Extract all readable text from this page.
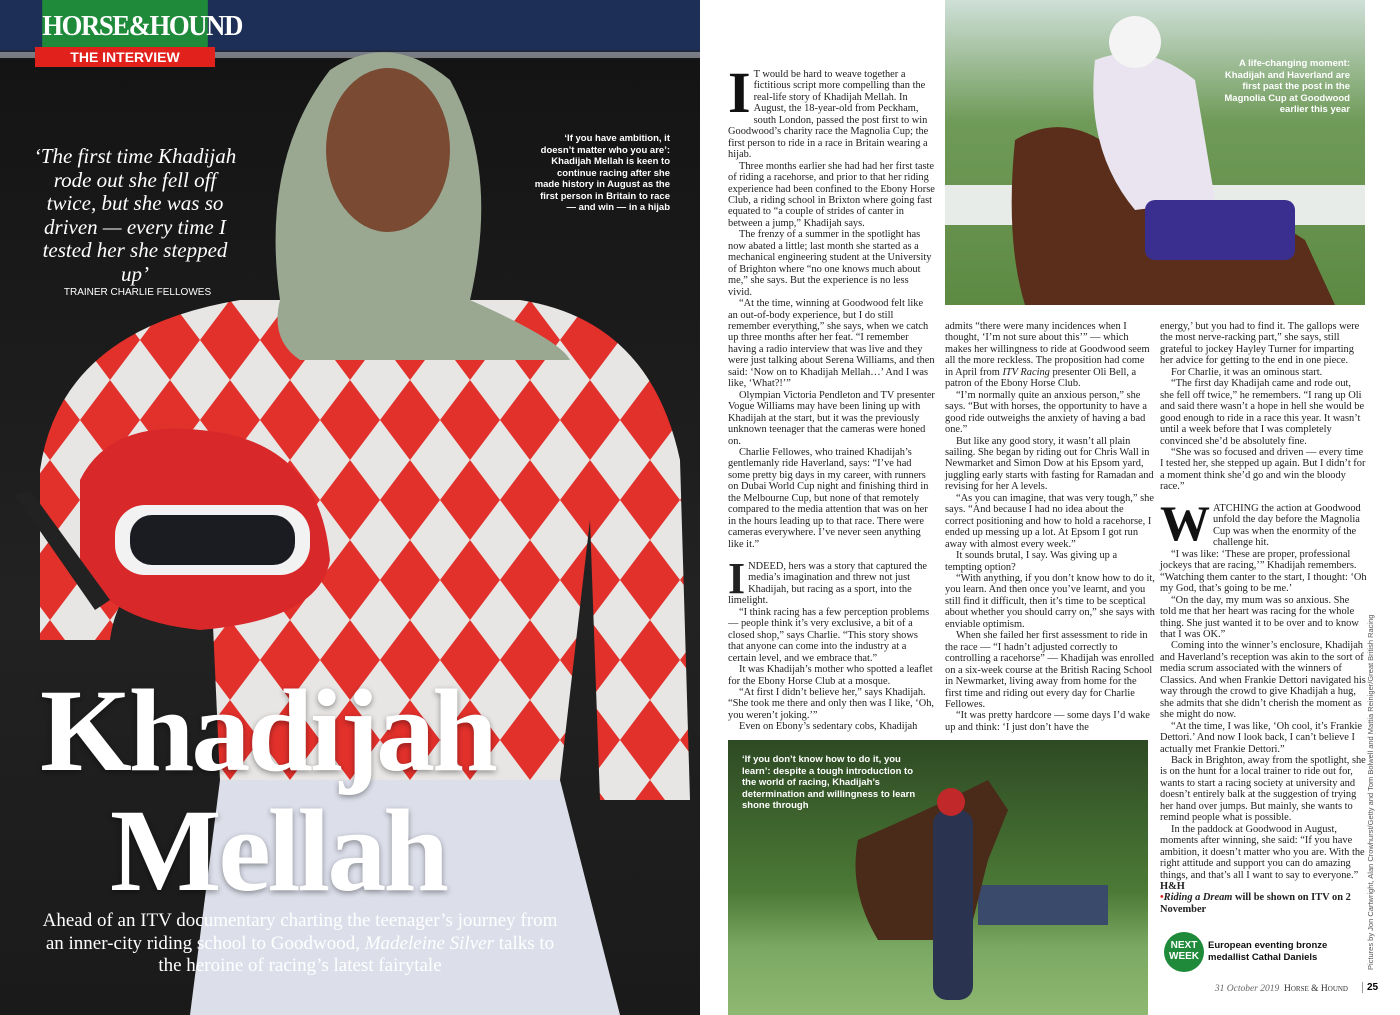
HORSE&HOUND
THE INTERVIEW
‘The first time Khadijah rode out she fell off twice, but she was so driven — every time I tested her she stepped up’
TRAINER CHARLIE FELLOWES
‘If you have ambition, it doesn’t matter who you are’: Khadijah Mellah is keen to continue racing after she made history in August as the first person in Britain to race — and win — in a hijab
Khadijah
Mellah
Ahead of an ITV documentary charting the teenager’s journey from an inner-city riding school to Goodwood, Madeleine Silver talks to the heroine of racing’s latest fairytale
A life-changing moment: Khadijah and Haverland are first past the post in the Magnolia Cup at Goodwood earlier this year
‘If you don’t know how to do it, you learn’: despite a tough introduction to the world of racing, Khadijah’s determination and willingness to learn shone through

I T would be hard to weave together a fictitious script more compelling than the real-life story of Khadijah Mellah. In August, the 18-year-old from Peckham, south London, passed the post first to win Goodwood’s charity race the Magnolia Cup; the first person to ride in a race in Britain wearing a hijab.

Three months earlier she had had her first taste of riding a racehorse, and prior to that her riding experience had been confined to the Ebony Horse Club, a riding school in Brixton where going fast equated to “a couple of strides of canter in between a jump,” Khadijah says.

The frenzy of a summer in the spotlight has now abated a little; last month she started as a mechanical engineering student at the University of Brighton where “no one knows much about me,” she says. But the experience is no less vivid.

“At the time, winning at Goodwood felt like an out-of-body experience, but I do still remember everything,” she says, when we catch up three months after her feat. “I remember having a radio interview that was live and they were just talking about Serena Williams, and then said: ‘Now on to Khadijah Mellah…’ And I was like, ‘What?!’”

Olympian Victoria Pendleton and TV presenter Vogue Williams may have been lining up with Khadijah at the start, but it was the previously unknown teenager that the cameras were honed on.

Charlie Fellowes, who trained Khadijah’s gentlemanly ride Haverland, says: “I’ve had some pretty big days in my career, with runners on Dubai World Cup night and finishing third in the Melbourne Cup, but none of that remotely compared to the media attention that was on her in the hours leading up to that race. There were cameras everywhere. I’ve never seen anything like it.”

INDEED, hers was a story that captured the media’s imagination and threw not just Khadijah, but racing as a sport, into the limelight.

“I think racing has a few perception problems — people think it’s very exclusive, a bit of a closed shop,” says Charlie. “This story shows that anyone can come into the industry at a certain level, and we embrace that.”

It was Khadijah’s mother who spotted a leaflet for the Ebony Horse Club at a mosque.

“At first I didn’t believe her,” says Khadijah. “She took me there and only then was I like, ‘Oh, you weren’t joking.’”

Even on Ebony’s sedentary cobs, Khadijah

admits “there were many incidences when I thought, ‘I’m not sure about this’” — which makes her willingness to ride at Goodwood seem all the more reckless. The proposition had come in April from ITV Racing presenter Oli Bell, a patron of the Ebony Horse Club.

“I’m normally quite an anxious person,” she says. “But with horses, the opportunity to have a good ride outweighs the anxiety of having a bad one.”

But like any good story, it wasn’t all plain sailing. She began by riding out for Chris Wall in Newmarket and Simon Dow at his Epsom yard, juggling early starts with fasting for Ramadan and revising for her A levels.

“As you can imagine, that was very tough,” she says. “And because I had no idea about the correct positioning and how to hold a racehorse, I ended up messing up a lot. At Epsom I got run away with almost every week.”

It sounds brutal, I say. Was giving up a tempting option?

“With anything, if you don’t know how to do it, you learn. And then once you’ve learnt, and you still find it difficult, then it’s time to be sceptical about whether you should carry on,” she says with enviable optimism.

When she failed her first assessment to ride in the race — “I hadn’t adjusted correctly to controlling a racehorse” — Khadijah was enrolled on a six-week course at the British Racing School in Newmarket, living away from home for the first time and riding out every day for Charlie Fellowes.

“It was pretty hardcore — some days I’d wake up and think: ‘I just don’t have the

energy,’ but you had to find it. The gallops were the most nerve-racking part,” she says, still grateful to jockey Hayley Turner for imparting her advice for getting to the end in one piece.

For Charlie, it was an ominous start.

“The first day Khadijah came and rode out, she fell off twice,” he remembers. “I rang up Oli and said there wasn’t a hope in hell she would be good enough to ride in a race this year. It wasn’t until a week before that I was completely convinced she’d be absolutely fine.

“She was so focused and driven — every time I tested her, she stepped up again. But I didn’t for a moment think she’d go and win the bloody race.”

WATCHING the action at Goodwood unfold the day before the Magnolia Cup was when the enormity of the challenge hit.

“I was like: ‘These are proper, professional jockeys that are racing,’” Khadijah remembers. “Watching them canter to the start, I thought: ‘Oh my God, that’s going to be me.’

“On the day, my mum was so anxious. She told me that her heart was racing for the whole thing. She just wanted it to be over and to know that I was OK.”

Coming into the winner’s enclosure, Khadijah and Haverland’s reception was akin to the sort of media scrum associated with the winners of Classics. And when Frankie Dettori navigated his way through the crowd to give Khadijah a hug, she admits that she didn’t cherish the moment as she might do now.

“At the time, I was like, ‘Oh cool, it’s Frankie Dettori.’ And now I look back, I can’t believe I actually met Frankie Dettori.”

Back in Brighton, away from the spotlight, she is on the hunt for a local trainer to ride out for, wants to start a racing society at university and doesn’t entirely balk at the suggestion of trying her hand over jumps. But mainly, she wants to remind people what is possible.

In the paddock at Goodwood in August, moments after winning, she said: “If you have ambition, it doesn’t matter who you are. With the right attitude and support you can do amazing things, and that’s all I want to say to everyone.” H&H

•Riding a Dream will be shown on ITV on 2 November

NEXT WEEK
European eventing bronze medallist Cathal Daniels
31 October 2019 Horse & Hound	25
Pictures by Jon Cartwright, Alan Crowhurst/Getty and Tom Bolwell and Mattia Reiniger/Great British Racing
